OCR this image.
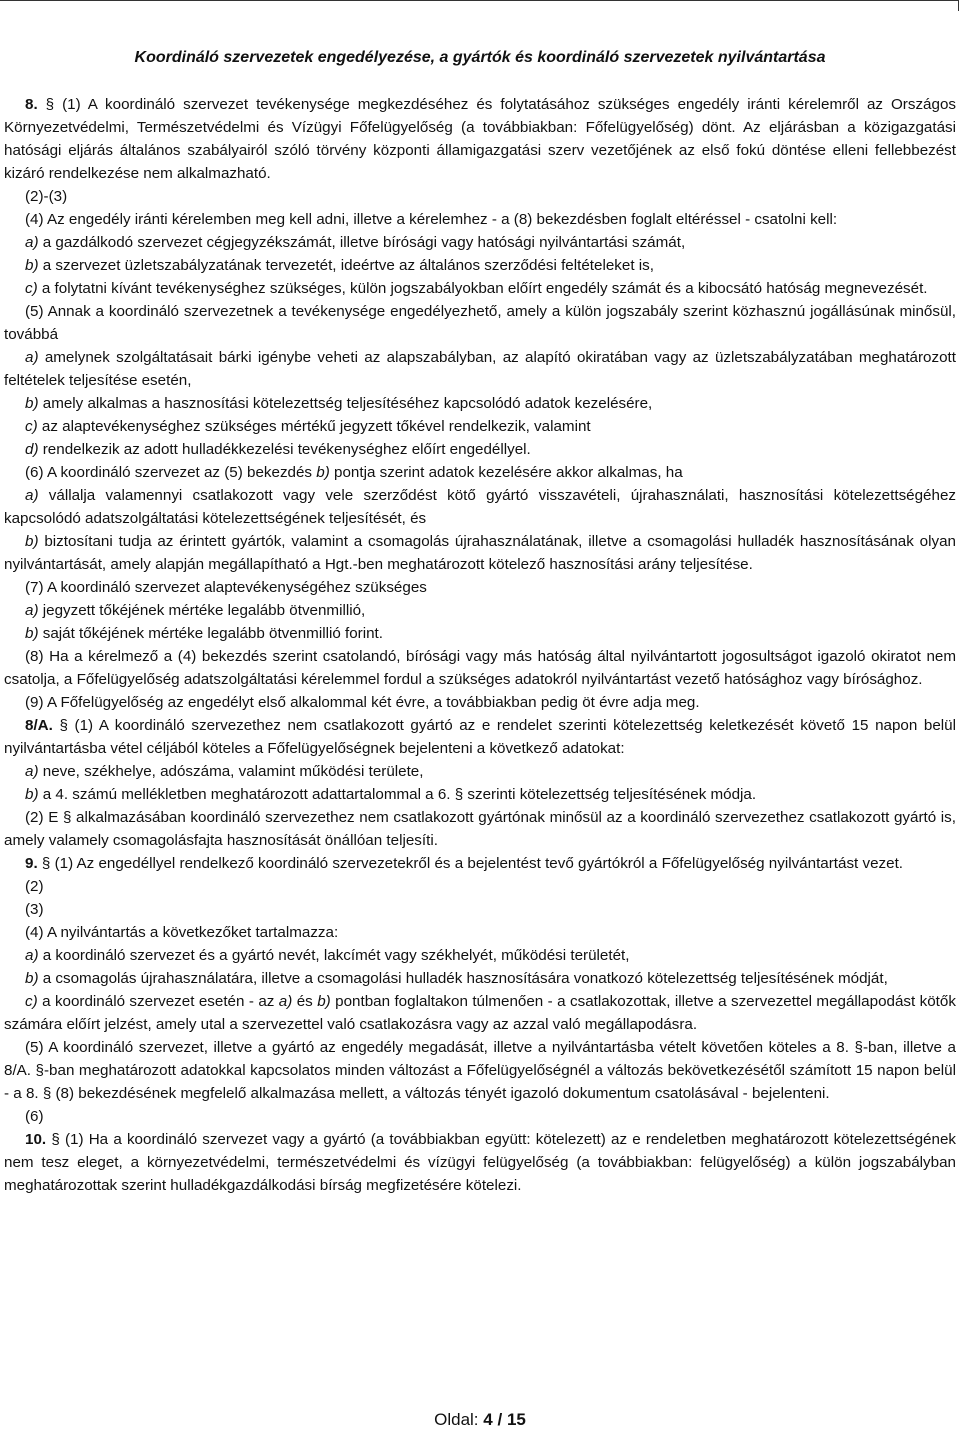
Koordináló szervezetek engedélyezése, a gyártók és koordináló szervezetek nyilvántartása

8. § (1) A koordináló szervezet tevékenysége megkezdéséhez és folytatásához szükséges engedély iránti kérelemről az Országos Környezetvédelmi, Természetvédelmi és Vízügyi Főfelügyelőség (a továbbiakban: Főfelügyelőség) dönt. Az eljárásban a közigazgatási hatósági eljárás általános szabályairól szóló törvény központi államigazgatási szerv vezetőjének az első fokú döntése elleni fellebbezést kizáró rendelkezése nem alkalmazható.

(2)-(3)

(4) Az engedély iránti kérelemben meg kell adni, illetve a kérelemhez - a (8) bekezdésben foglalt eltéréssel - csatolni kell:

a) a gazdálkodó szervezet cégjegyzékszámát, illetve bírósági vagy hatósági nyilvántartási számát,

b) a szervezet üzletszabályzatának tervezetét, ideértve az általános szerződési feltételeket is,

c) a folytatni kívánt tevékenységhez szükséges, külön jogszabályokban előírt engedély számát és a kibocsátó hatóság megnevezését.

(5) Annak a koordináló szervezetnek a tevékenysége engedélyezhető, amely a külön jogszabály szerint közhasznú jogállásúnak minősül, továbbá

a) amelynek szolgáltatásait bárki igénybe veheti az alapszabályban, az alapító okiratában vagy az üzletszabályzatában meghatározott feltételek teljesítése esetén,

b) amely alkalmas a hasznosítási kötelezettség teljesítéséhez kapcsolódó adatok kezelésére,

c) az alaptevékenységhez szükséges mértékű jegyzett tőkével rendelkezik, valamint

d) rendelkezik az adott hulladékkezelési tevékenységhez előírt engedéllyel.

(6) A koordináló szervezet az (5) bekezdés b) pontja szerint adatok kezelésére akkor alkalmas, ha

a) vállalja valamennyi csatlakozott vagy vele szerződést kötő gyártó visszavételi, újrahasználati, hasznosítási kötelezettségéhez kapcsolódó adatszolgáltatási kötelezettségének teljesítését, és

b) biztosítani tudja az érintett gyártók, valamint a csomagolás újrahasználatának, illetve a csomagolási hulladék hasznosításának olyan nyilvántartását, amely alapján megállapítható a Hgt.-ben meghatározott kötelező hasznosítási arány teljesítése.

(7) A koordináló szervezet alaptevékenységéhez szükséges

a) jegyzett tőkéjének mértéke legalább ötvenmillió,

b) saját tőkéjének mértéke legalább ötvenmillió forint.

(8) Ha a kérelmező a (4) bekezdés szerint csatolandó, bírósági vagy más hatóság által nyilvántartott jogosultságot igazoló okiratot nem csatolja, a Főfelügyelőség adatszolgáltatási kérelemmel fordul a szükséges adatokról nyilvántartást vezető hatósághoz vagy bírósághoz.

(9) A Főfelügyelőség az engedélyt első alkalommal két évre, a továbbiakban pedig öt évre adja meg.

8/A. § (1) A koordináló szervezethez nem csatlakozott gyártó az e rendelet szerinti kötelezettség keletkezését követő 15 napon belül nyilvántartásba vétel céljából köteles a Főfelügyelőségnek bejelenteni a következő adatokat:

a) neve, székhelye, adószáma, valamint működési területe,

b) a 4. számú mellékletben meghatározott adattartalommal a 6. § szerinti kötelezettség teljesítésének módja.

(2) E § alkalmazásában koordináló szervezethez nem csatlakozott gyártónak minősül az a koordináló szervezethez csatlakozott gyártó is, amely valamely csomagolásfajta hasznosítását önállóan teljesíti.

9. § (1) Az engedéllyel rendelkező koordináló szervezetekről és a bejelentést tevő gyártókról a Főfelügyelőség nyilvántartást vezet.

(2)

(3)

(4) A nyilvántartás a következőket tartalmazza:

a) a koordináló szervezet és a gyártó nevét, lakcímét vagy székhelyét, működési területét,

b) a csomagolás újrahasználatára, illetve a csomagolási hulladék hasznosítására vonatkozó kötelezettség teljesítésének módját,

c) a koordináló szervezet esetén - az a) és b) pontban foglaltakon túlmenően - a csatlakozottak, illetve a szervezettel megállapodást kötők számára előírt jelzést, amely utal a szervezettel való csatlakozásra vagy az azzal való megállapodásra.

(5) A koordináló szervezet, illetve a gyártó az engedély megadását, illetve a nyilvántartásba vételt követően köteles a 8. §-ban, illetve a 8/A. §-ban meghatározott adatokkal kapcsolatos minden változást a Főfelügyelőségnél a változás bekövetkezésétől számított 15 napon belül - a 8. § (8) bekezdésének megfelelő alkalmazása mellett, a változás tényét igazoló dokumentum csatolásával - bejelenteni.

(6)

10. § (1) Ha a koordináló szervezet vagy a gyártó (a továbbiakban együtt: kötelezett) az e rendeletben meghatározott kötelezettségének nem tesz eleget, a környezetvédelmi, természetvédelmi és vízügyi felügyelőség (a továbbiakban: felügyelőség) a külön jogszabályban meghatározottak szerint hulladékgazdálkodási bírság megfizetésére kötelezi.

Oldal: 4 / 15
